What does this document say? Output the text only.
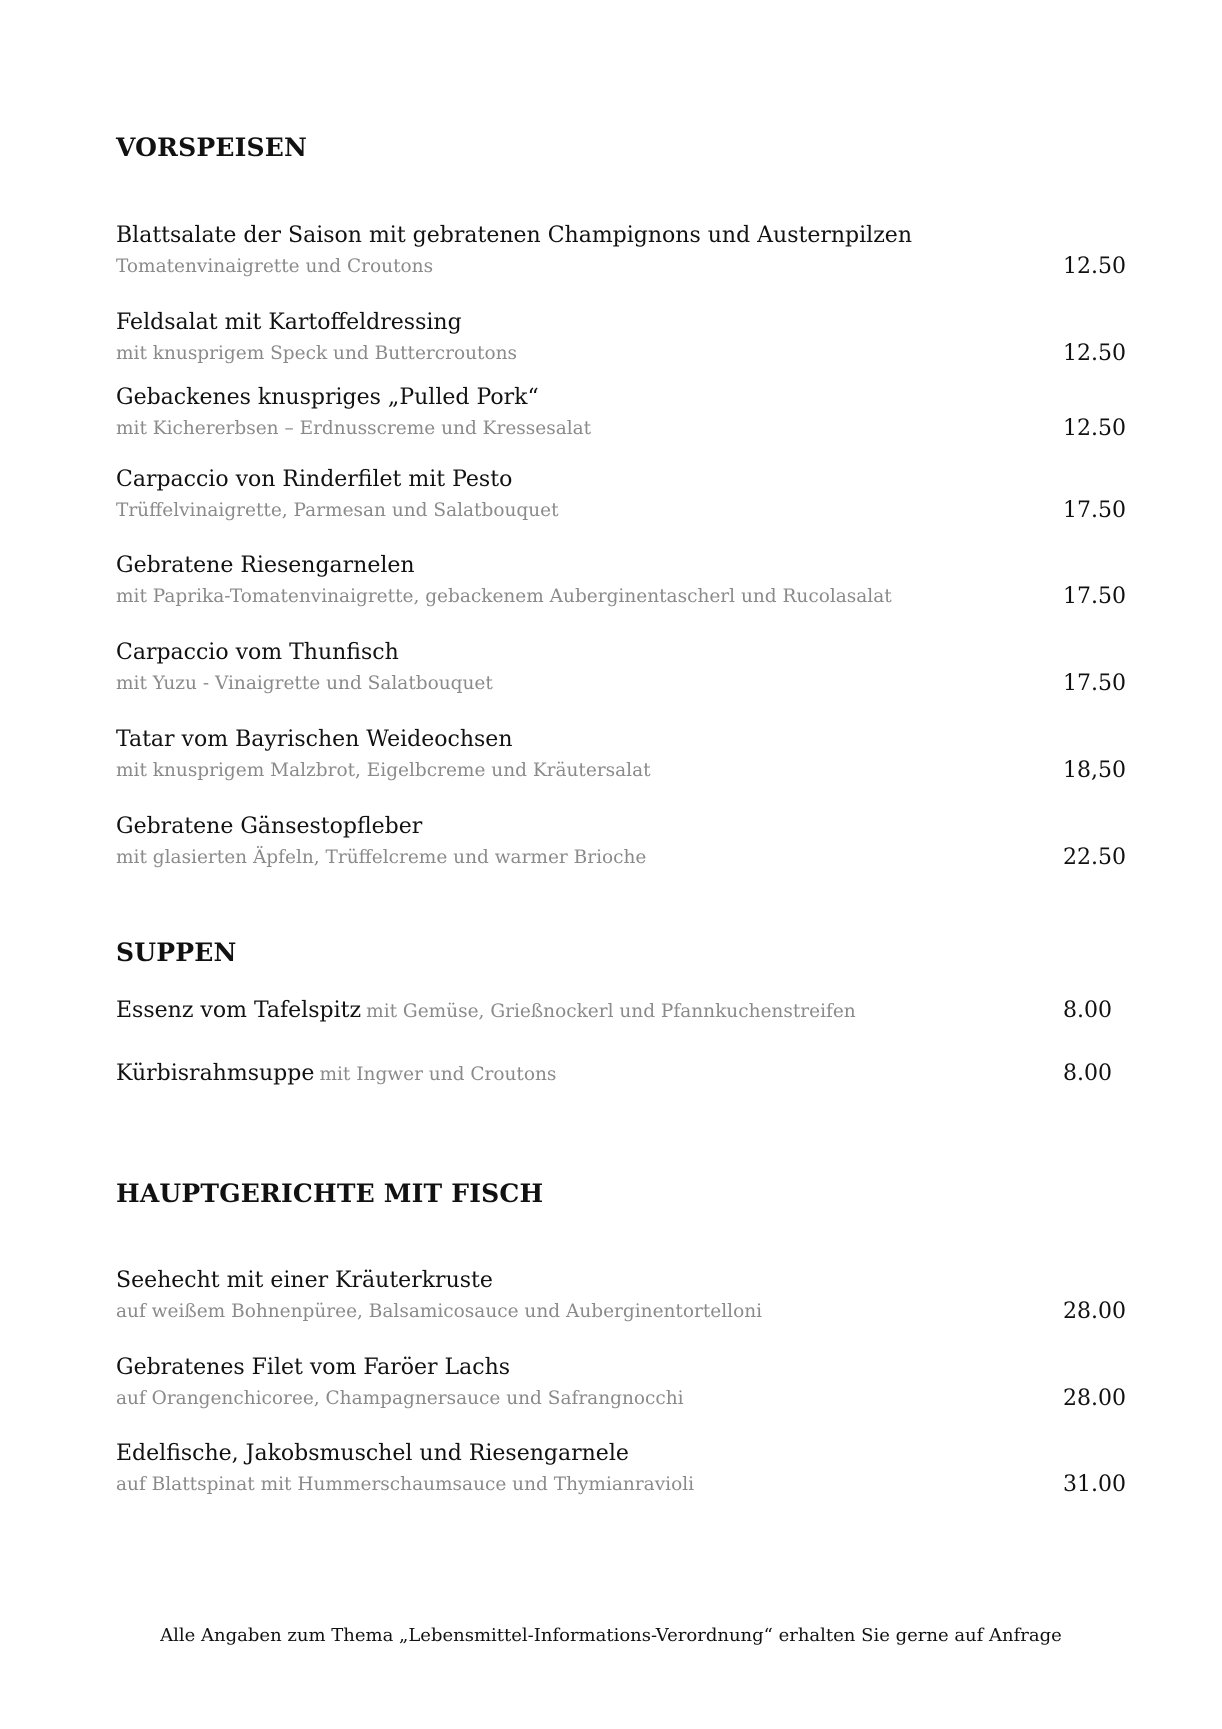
VORSPEISEN
Blattsalate der Saison mit gebratenen Champignons und Austernpilzen
Tomatenvinaigrette und Croutons	12.50
Feldsalat mit Kartoffeldressing
mit knusprigem Speck und Buttercroutons	12.50
Gebackenes knuspriges „Pulled Pork“
mit Kichererbsen – Erdnusscreme und Kressesalat	12.50
Carpaccio von Rinderfilet mit Pesto
Trüffelvinaigrette, Parmesan und Salatbouquet	17.50
Gebratene Riesengarnelen
mit Paprika-Tomatenvinaigrette, gebackenem Auberginentascherl und Rucolasalat	17.50
Carpaccio vom Thunfisch
mit Yuzu - Vinaigrette und Salatbouquet	17.50
Tatar vom Bayrischen Weideochsen
mit knusprigem Malzbrot, Eigelbcreme und Kräutersalat	18,50
Gebratene Gänsestopfleber
mit glasierten Äpfeln, Trüffelcreme und warmer Brioche	22.50
SUPPEN
Essenz vom Tafelspitz mit Gemüse, Grießnockerl und Pfannkuchenstreifen	8.00
Kürbisrahmsuppe mit Ingwer und Croutons	8.00
HAUPTGERICHTE MIT FISCH
Seehecht mit einer Kräuterkruste
auf weißem Bohnenpüree, Balsamicosauce und Auberginentortelloni	28.00
Gebratenes Filet vom Faröer Lachs
auf Orangenchicoree, Champagnersauce und Safrangnocchi	28.00
Edelfische, Jakobsmuschel und Riesengarnele
auf Blattspinat mit Hummerschaumsauce und Thymianravioli	31.00
Alle Angaben zum Thema „Lebensmittel-Informations-Verordnung“ erhalten Sie gerne auf Anfrage
